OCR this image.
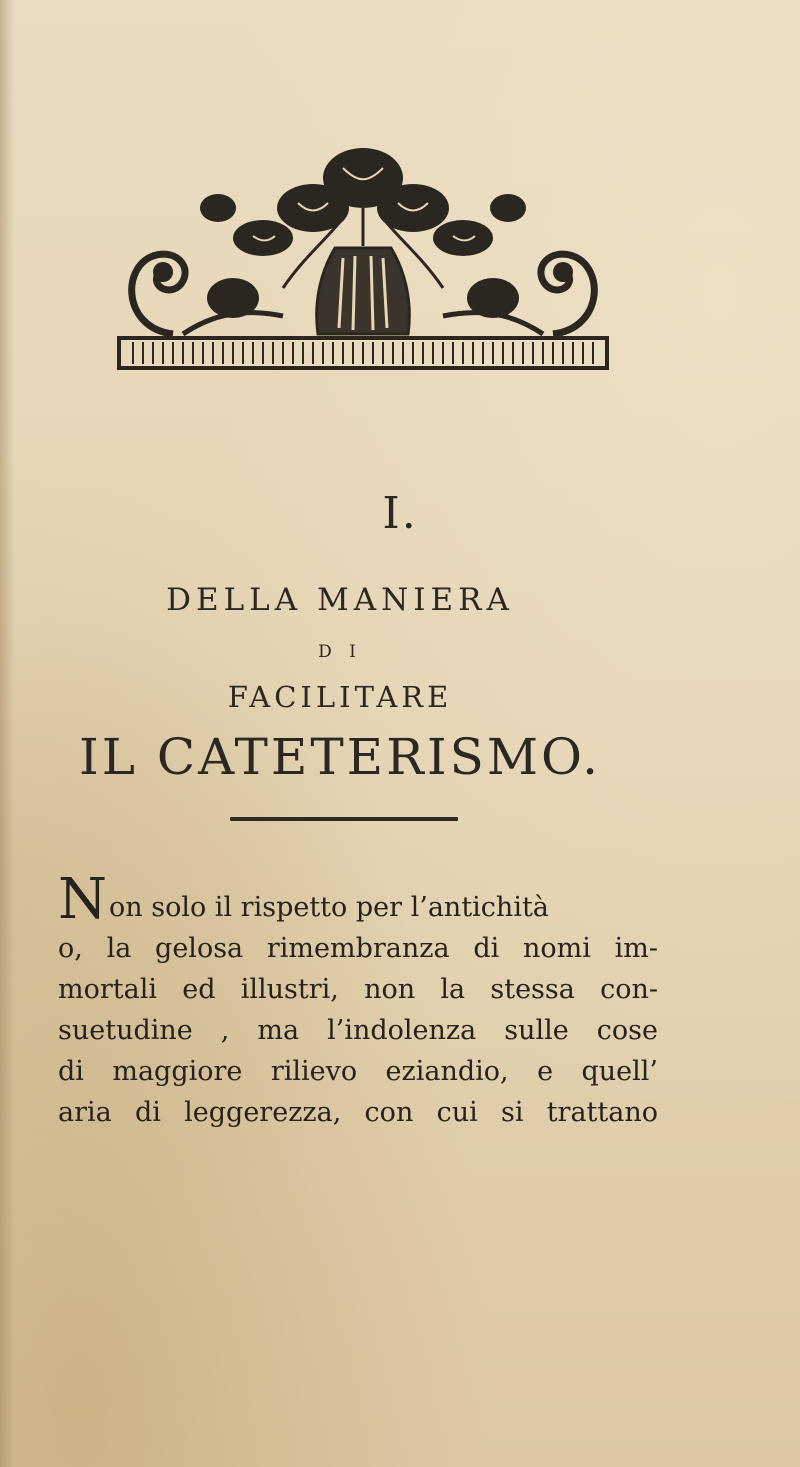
I.
DELLA MANIERA
D I
FACILITARE
IL CATETERISMO.
Non solo il rispetto per l’antichità
o, la gelosa rimembranza di nomi im-
mortali ed illustri, non la stessa con-
suetudine , ma l’indolenza sulle cose
di maggiore rilievo eziandio, e quell’
aria di leggerezza, con cui si trattano
